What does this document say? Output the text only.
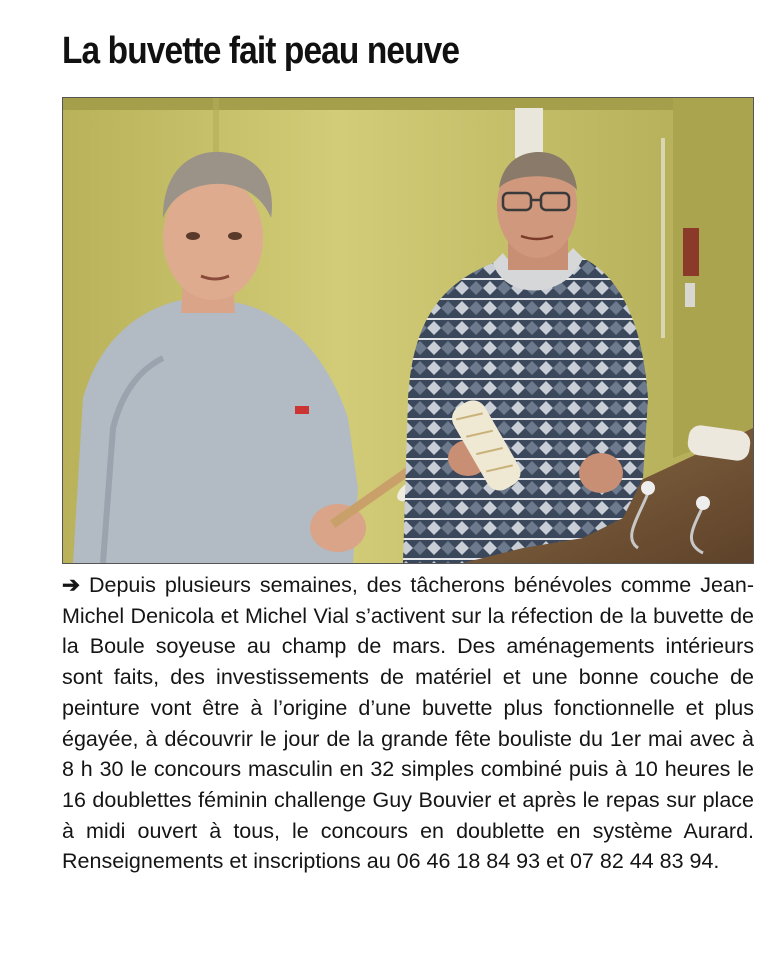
La buvette fait peau neuve

➔ Depuis plusieurs semaines, des tâcherons bénévoles comme Jean-Michel Denicola et Michel Vial s’activent sur la réfection de la buvette de la Boule soyeuse au champ de mars. Des aménagements intérieurs sont faits, des investissements de matériel et une bonne couche de peinture vont être à l’origine d’une buvette plus fonctionnelle et plus égayée, à découvrir le jour de la grande fête bouliste du 1er mai avec à 8 h 30 le concours masculin en 32 simples combiné puis à 10 heures le 16 doublettes féminin challenge Guy Bouvier et après le repas sur place à midi ouvert à tous, le concours en doublette en système Aurard. Renseignements et inscriptions au 06 46 18 84 93 et 07 82 44 83 94.
